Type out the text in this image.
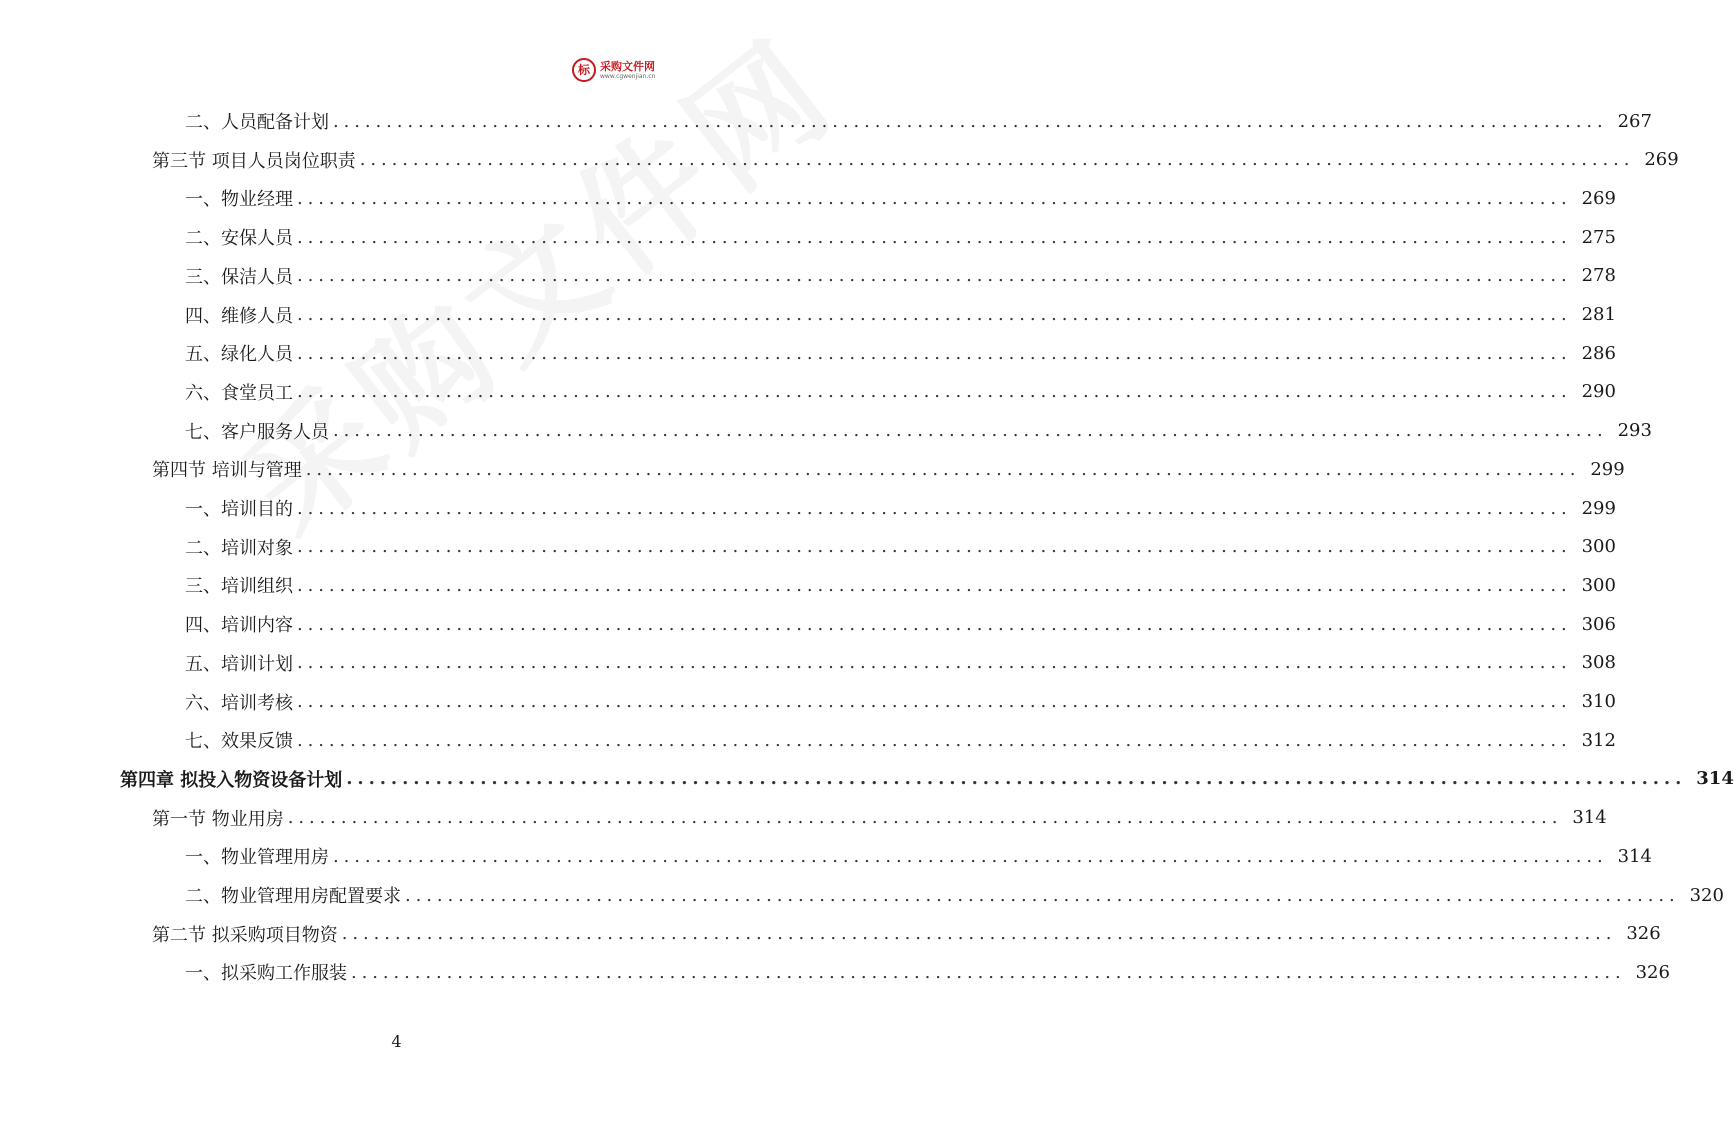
标 采购文件网
www.cgwenjian.cn
二、人员配备计划 ........................................................................................................................ 267
第三节 项目人员岗位职责 ........................................................................................................................ 269
一、物业经理 ........................................................................................................................ 269
二、安保人员 ........................................................................................................................ 275
三、保洁人员 ........................................................................................................................ 278
四、维修人员 ........................................................................................................................ 281
五、绿化人员 ........................................................................................................................ 286
六、食堂员工 ........................................................................................................................ 290
七、客户服务人员 ........................................................................................................................ 293
第四节 培训与管理 ........................................................................................................................ 299
一、培训目的 ........................................................................................................................ 299
二、培训对象 ........................................................................................................................ 300
三、培训组织 ........................................................................................................................ 300
四、培训内容 ........................................................................................................................ 306
五、培训计划 ........................................................................................................................ 308
六、培训考核 ........................................................................................................................ 310
七、效果反馈 ........................................................................................................................ 312
第四章 拟投入物资设备计划 ........................................................................................................................ 314
第一节 物业用房 ........................................................................................................................ 314
一、物业管理用房 ........................................................................................................................ 314
二、物业管理用房配置要求 ........................................................................................................................ 320
第二节 拟采购项目物资 ........................................................................................................................ 326
一、拟采购工作服装 ........................................................................................................................ 326
4
